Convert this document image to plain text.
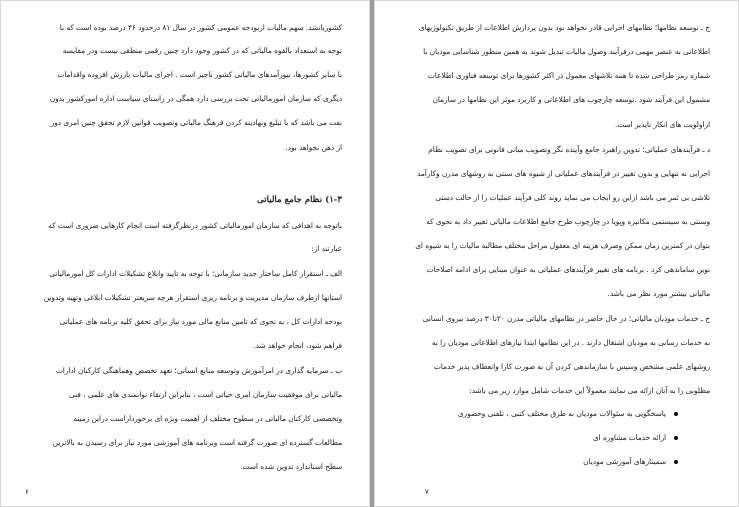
کشوربانشد. سهم مالیات ازبودجه عمومی کشور در سال ۸۱ درحدود ۴۶ درصد بوده است که با
توجه به استعداد بالقوه مالیاتی که در کشور وجود دارد چنین رقمی منطقی نیست ودر مقایسه
با سایر کشورها، نیوزآمدهای مالیاتی کشور ناچیز است . اجرای مالیات بارزش افزوده واقدامات
دیگری که سازمان امورمالیاتی تحت بررسی دارد همگی در راستای سیاست اداره امورکشور بدون
نفت می باشد که با تبلیغ ونهادینه کردن فرهنگ مالیاتی وتصویب قوانین لازم تحقق چنین امری دور
از ذهن نخواهد بود.
۱-۳) نظام جامع مالیاتی
باتوجه به اهدافی که سازمان امورمالیاتی کشور درنظرگرفته است انجام کارهایی ضروری است که
عبارتند از:
الف ـ استقرار کامل ساختار جدید سازمانی؛ با توجه به تایید وابلاغ تشکیلات ادارات کل امورمالیاتی
استانها ازطرف سازمان مدیریت و برنامه ریزی استقرار هرچه سریعتر تشکیلات ابلاغی وتهیه وتدوین
بودجه ادارات کل ، به نحوی که تامین منابع مالی مورد نیاز برای تحقق کلیه برنامه های عملیاتی
فراهم شود، انجام خواهد شد.
ب ـ سرمایه گذاری در امرآموزش وتوسعه منابع انسانی؛ تعهد تخصص وهماهنگی کارکنان ادارات
مالیاتی برای موفقیت سازمان امری حیاتی است ، بنابراین ارتقاء توانمندی های علمی ، فنی
وتخصصی کارکنان مالیاتی در سطوح مختلف از اهمیت ویژه ای برخورداراست دراین زمینه
مطالعات گسترده ای صورت گرفته است وبرنامه های آموزشی مورد نیاز برای رسیدن به بالاترین
سطح استاندارد تدوین شده است.
۶
ج ـ توسعه نظامها؛ نظامهای اجرایی قادر نخواهد بود بدون پردازش اطلاعات از طریق تکنولوژیهای
اطلاعاتی به عنصر مهمی درفرآیند وصول مالیات تبدیل شوند به همین منظور شناسایی مودیان با
شماره رمز طراحی شده تا همه تلاشهای معمول در اکثر کشورها برای توسعه فناوری اطلاعات
مشمول این فرآیند شود .توسعه چارچوب های اطلاعاتی و کاربرد موثر این نظامها در سازمان
ازاولویت های انکار ناپذیر است.
د ـ فرآیندهای عملیاتی؛ تدوین راهبرد جامع وآینده نگر وتصویب مبانی قانونی برای تصویب نظام
اجرایی نه تنهایی و بدون تغییر در فرآیندهای عملیاتی از شیوه های سنتی به روشهای مدرن وکارآمد
تلاشی بی ثمر می باشد ازاین رو ایجاب می نماید روند کلی فرآیند عملیات را از حالت دستی
وسنتی به سیستمی مکانیزه وپویا در چارچوب طرح جامع اطلاعات مالیاتی تغییر داد به نحوی که
بتوان در کمترین زمان ممکن وصرف هزینه ای معقول مراحل مختلف مطالبه مالیات را به شیوه ای
نوین ساماندهی کرد . برنامه های تغییر فرآیندهای عملیاتی به عنوان مبنایی برای ادامه اصلاحات
مالیاتی بیشتر مورد نظر می باشد.
ح ـ خدمات مودیان مالیاتی؛ در حال حاضر در نظامهای مالیاتی مدرن ۲۰تا۳۰ درصد نیروی انسانی
به خدمات رسانی به مودیان اشتغال دارند . در این نظامها ابتدا نیازهای اطلاعاتی مودیان را به
روشهای علمی مشخص وسپس با سازماندهی کردن آن به صورت کارا وانعطاف پذیر خدمات
مطلوبی را به آنان ارائه می نمایند معمولاً این خدمات شامل موارد زیر می باشد:
پاسخگویی به سئوالات مودیان به طرق مختلف کتبی ، تلفنی وحضوری
ارائه خدمات مشاوره ای
سمینارهای آموزشی مودیان
۷
